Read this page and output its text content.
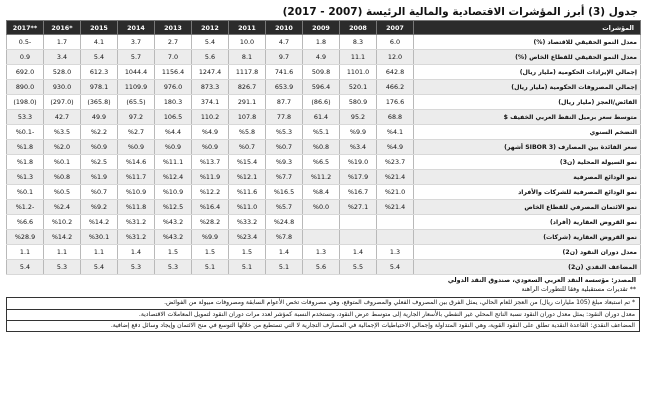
جدول (3) أبرز المؤشرات الاقتصادية والمالية الرئيسة (2007 - 2017)
2017**	2016*	2015	2014	2013	2012	2011	2010	2009	2008	2007	المؤشرات
0.5-	1.7	4.1	3.7	2.7	5.4	10.0	4.7	1.8	8.3	6.0	معدل النمو الحقيقي للاقتصاد (%)
0.9	3.4	5.4	5.7	7.0	5.6	8.1	9.7	4.9	11.1	12.0	معدل النمو الحقيقي للقطاع الخاص (%)
692.0	528.0	612.3	1044.4	1156.4	1247.4	1117.8	741.6	509.8	1101.0	642.8	إجمالي الإيرادات الحكومية (مليار ريال)
890.0	930.0	978.1	1109.9	976.0	873.3	826.7	653.9	596.4	520.1	466.2	إجمالي المصروفات الحكومية (مليار ريال)
(198.0)	(297.0)	(365.8)	(65.5)	180.3	374.1	291.1	87.7	(86.6)	580.9	176.6	الفائض/العجز (مليار ريال)
53.3	42.7	49.9	97.2	106.5	110.2	107.8	77.8	61.4	95.2	68.8	متوسط سعر برميل النفط العربي الخفيف $
%0.1-	%3.5	%2.2	%2.7	%4.4	%4.9	%5.8	%5.3	%5.1	%9.9	%4.1	التضخم السنوي
%1.8	%2.0	%0.9	%0.9	%0.9	%0.9	%0.7	%0.7	%0.8	%3.4	%4.9	سعر الفائدة بين المصارف (3 SIBOR أشهر)
%1.8	%0.1	%2.5	%14.6	%11.1	%13.7	%15.4	%9.3	%6.5	%19.0	%23.7	نمو السيولة المحلية (ن3)
%1.3	%0.8	%1.9	%11.7	%12.4	%11.9	%12.1	%7.7	%11.2	%17.9	%21.4	نمو الودائع المصرفية
%0.1	%0.5	%0.7	%10.9	%10.9	%12.2	%11.6	%16.5	%8.4	%16.7	%21.0	نمو الودائع المصرفية للشركات والأفراد
%1.2-	%2.4	%9.2	%11.8	%12.5	%16.4	%11.0	%5.7	%0.0	%27.1	%21.4	نمو الائتمان المصرفي للقطاع الخاص
%6.6	%10.2	%14.2	%31.2	%43.2	%28.2	%33.2	%24.8				نمو القروض العقارية (أفراد)
%28.9	%14.2	%30.1	%31.2	%43.2	%9.9	%23.4	%7.8				نمو القروض العقارية (شركات)
1.1	1.1	1.1	1.4	1.5	1.5	1.5	1.4	1.3	1.4	1.3	معدل دوران النقود (ن2)
5.4	5.3	5.4	5.3	5.3	5.1	5.1	5.1	5.6	5.5	5.4	المضاعف النقدي (ن2)
المصدر: مؤسسة النقد العربي السعودي، صندوق النقد الدولي
** تقديرات مستقبلية وفقا للتطورات الراهنة
* تم استبعاد مبلغ (105 مليارات ريال) من العجز للعام الحالي، يمثل الفرق بين المصروف الفعلي والمصروف المتوقع، وهي مصروفات تخص الأعوام السابقة ومصروفات مبيولة من الفوائض.
معدل دوران النقود: يمثل معدل دوران النقود نسبة الناتج المحلي غير النفطي بالأسعار الجارية إلى متوسط عرض النقود، وتستخدم النسبة كمؤشر لعدد مرات دوران النقود لتمويل المعاملات الاقتصادية.
المضاعف النقدي: القاعدة النقدية تطلق على النقود القوية، وهي النقود المتداولة وإجمالي الاحتياطيات الإجمالية في المصارف التجارية لا التي تستطيع من خلالها التوسع في منح الائتمان وإيجاد وسائل دفع إضافية.
